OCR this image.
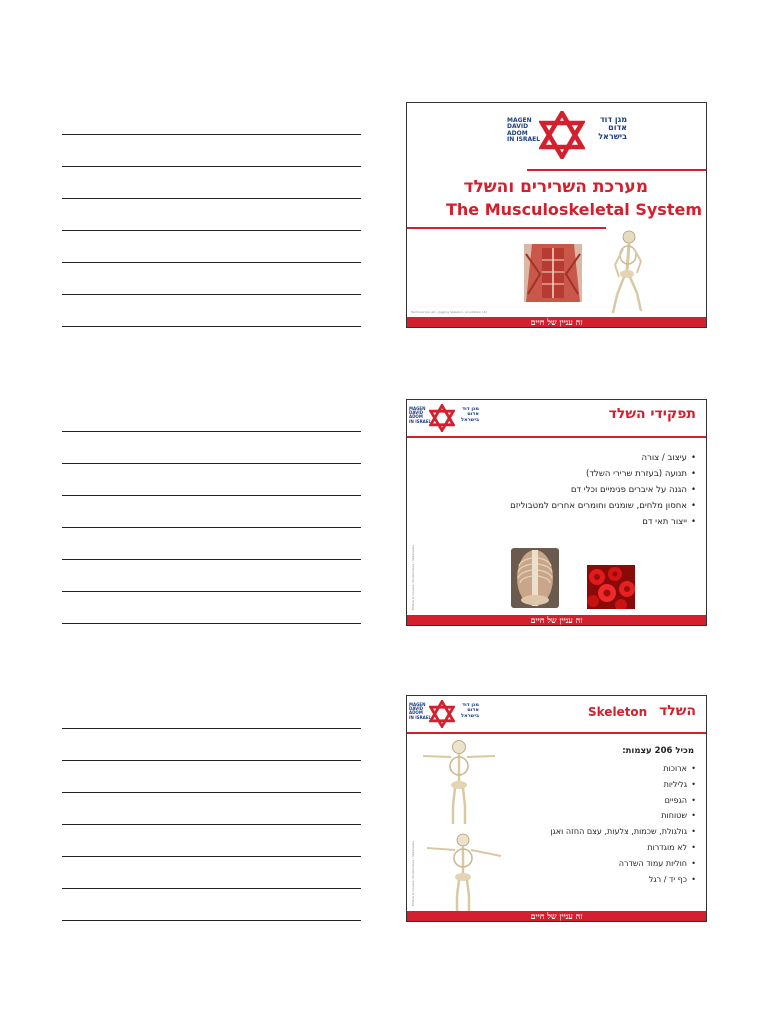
MAGEN
DAVID
ADOM
IN ISRAEL
מגן דוד
אדום
בישראל
מערכת השרירים והשלד
The Musculoskeletal System
Terminal tool etc, Jogging Skeleton, Annotation Ltd
זה עניין של חיים
MAGEN
DAVID
ADOM
IN ISRAEL
מגן דוד
אדום
בישראל	תפקידי השלד
• עיצוב / צורה
• תנועה (בעזרת שרירי השלד)
• הגנה על איברים פנימיים וכלי דם
• אחסון מלחים, שומנים וחומרים אחרים למטבוליזם
• ייצור תאי דם
Photos & images: Shutterstock / Wikimedia
זה עניין של חיים
MAGEN
DAVID
ADOM
IN ISRAEL
מגן דוד
אדום
בישראל	השלד
Skeleton
מכיל 206 עצמות:
• ארוכות
• גליליות
• הגפיים
• שטוחות
• גולגולת, שכמות, צלעות, עצם החזה ואגן
• לא מוגדרות
• חוליות עמוד השדרה
• כף יד / רגל
Photos & images: Shutterstock / Wikimedia
זה עניין של חיים
